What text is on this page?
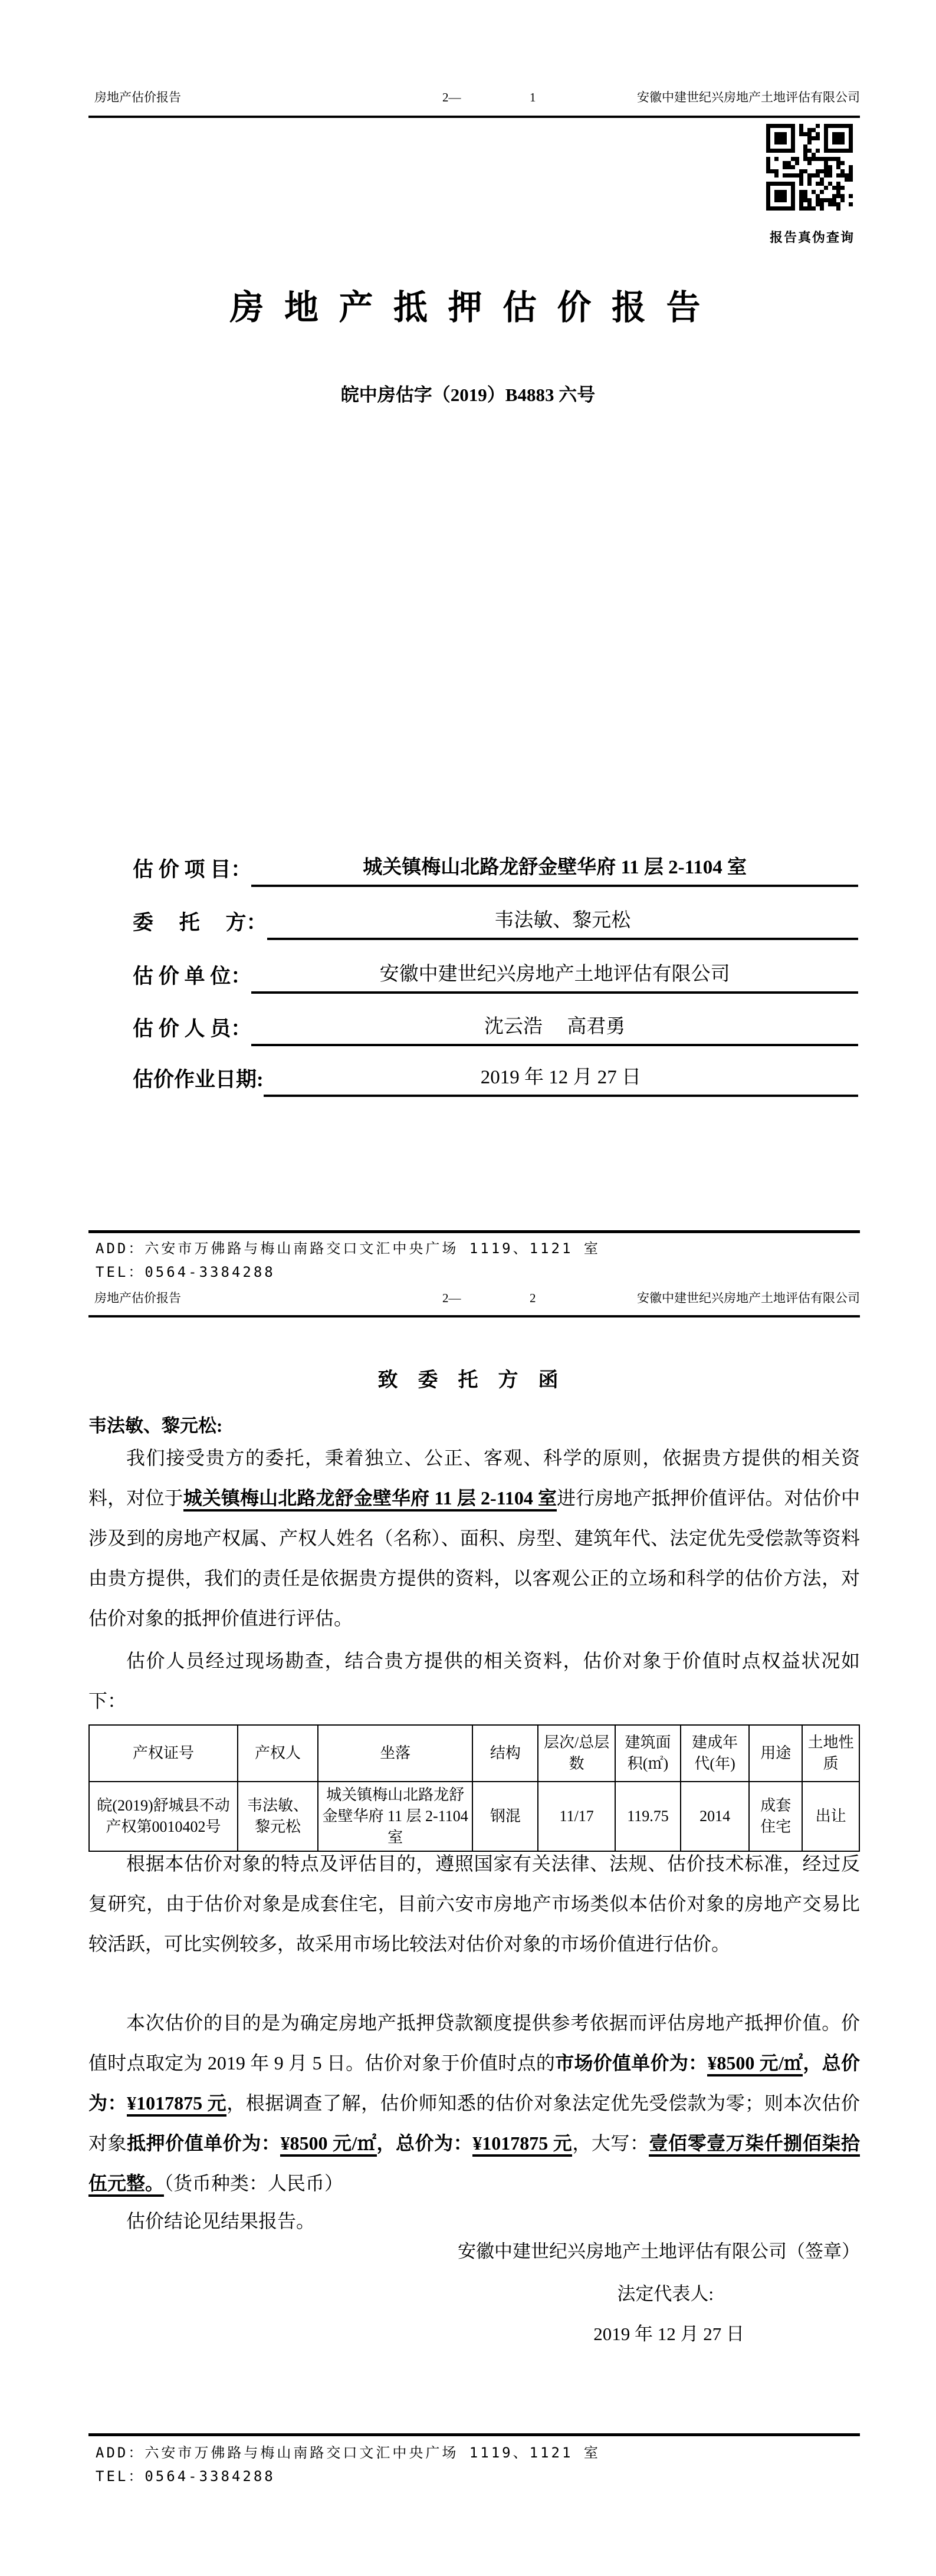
房地产估价报告	2—	1	安徽中建世纪兴房地产土地评估有限公司
报告真伪查询
房 地 产 抵 押 估 价 报 告
皖中房估字（2019）B4883 六号
估 价 项 目：	城关镇梅山北路龙舒金壁华府 11 层 2-1104 室
委　 托　 方：	韦法敏、黎元松
估 价 单 位：	安徽中建世纪兴房地产土地评估有限公司
估 价 人 员：	沈云浩　 高君勇
估价作业日期:	2019 年 12 月 27 日
ADD：六安市万佛路与梅山南路交口文汇中央广场 1119、1121 室
TEL：0564-3384288
房地产估价报告	2—	2	安徽中建世纪兴房地产土地评估有限公司
致　委　托　方　函
韦法敏、黎元松:

我们接受贵方的委托，秉着独立、公正、客观、科学的原则，依据贵方提供的相关资料，对位于城关镇梅山北路龙舒金壁华府 11 层 2-1104 室进行房地产抵押价值评估。对估价中涉及到的房地产权属、产权人姓名（名称）、面积、房型、建筑年代、法定优先受偿款等资料由贵方提供，我们的责任是依据贵方提供的资料，以客观公正的立场和科学的估价方法，对估价对象的抵押价值进行评估。

估价人员经过现场勘查，结合贵方提供的相关资料，估价对象于价值时点权益状况如下：

产权证号	产权人	坐落	结构	层次/总层数	建筑面积(㎡)	建成年代(年)	用途	土地性质
皖(2019)舒城县不动产权第0010402号	韦法敏、黎元松	城关镇梅山北路龙舒金壁华府 11 层 2-1104 室	钢混	11/17	119.75	2014	成套住宅	出让

根据本估价对象的特点及评估目的，遵照国家有关法律、法规、估价技术标准，经过反复研究，由于估价对象是成套住宅，目前六安市房地产市场类似本估价对象的房地产交易比较活跃，可比实例较多，故采用市场比较法对估价对象的市场价值进行估价。

本次估价的目的是为确定房地产抵押贷款额度提供参考依据而评估房地产抵押价值。价值时点取定为 2019 年 9 月 5 日。估价对象于价值时点的市场价值单价为：¥8500 元/㎡，总价为：¥1017875 元，根据调查了解，估价师知悉的估价对象法定优先受偿款为零；则本次估价对象抵押价值单价为：¥8500 元/㎡，总价为：¥1017875 元，大写：壹佰零壹万柒仟捌佰柒拾伍元整。（货币种类：人民币）

估价结论见结果报告。

安徽中建世纪兴房地产土地评估有限公司（签章）
法定代表人:
2019 年 12 月 27 日
ADD：六安市万佛路与梅山南路交口文汇中央广场 1119、1121 室
TEL：0564-3384288
